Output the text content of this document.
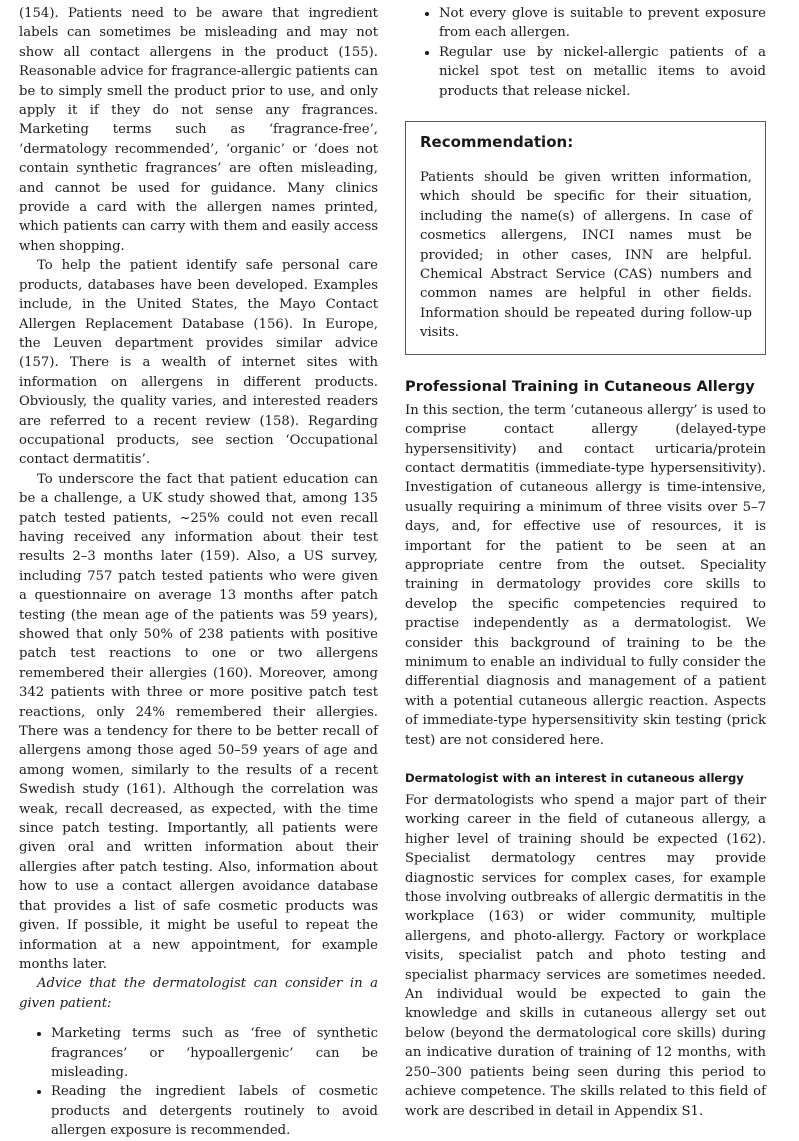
(154). Patients need to be aware that ingredient labels can sometimes be misleading and may not show all contact allergens in the product (155). Reasonable advice for fragrance-allergic patients can be to simply smell the product prior to use, and only apply it if they do not sense any fragrances. Marketing terms such as ‘fragrance-free’, ‘dermatology recommended’, ‘organic’ or ‘does not contain synthetic fragrances’ are often misleading, and cannot be used for guidance. Many clinics provide a card with the allergen names printed, which patients can carry with them and easily access when shopping.

To help the patient identify safe personal care products, databases have been developed. Examples include, in the United States, the Mayo Contact Allergen Replacement Database (156). In Europe, the Leuven department provides similar advice (157). There is a wealth of internet sites with information on allergens in different products. Obviously, the quality varies, and interested readers are referred to a recent review (158). Regarding occupational products, see section ‘Occupational contact dermatitis’.

To underscore the fact that patient education can be a challenge, a UK study showed that, among 135 patch tested patients, ~25% could not even recall having received any information about their test results 2–3 months later (159). Also, a US survey, including 757 patch tested patients who were given a questionnaire on average 13 months after patch testing (the mean age of the patients was 59 years), showed that only 50% of 238 patients with positive patch test reactions to one or two allergens remembered their allergies (160). Moreover, among 342 patients with three or more positive patch test reactions, only 24% remembered their allergies. There was a tendency for there to be better recall of allergens among those aged 50–59 years of age and among women, similarly to the results of a recent Swedish study (161). Although the correlation was weak, recall decreased, as expected, with the time since patch testing. Importantly, all patients were given oral and written information about their allergies after patch testing. Also, information about how to use a contact allergen avoidance database that provides a list of safe cosmetic products was given. If possible, it might be useful to repeat the information at a new appointment, for example months later.

Advice that the dermatologist can consider in a given patient:

• Marketing terms such as ‘free of synthetic fragrances’ or ‘hypoallergenic’ can be misleading.
• Reading the ingredient labels of cosmetic products and detergents routinely to avoid allergen exposure is recommended.
• Not every glove is suitable to prevent exposure from each allergen.
• Regular use by nickel-allergic patients of a nickel spot test on metallic items to avoid products that release nickel.
Recommendation:

Patients should be given written information, which should be specific for their situation, including the name(s) of allergens. In case of cosmetics allergens, INCI names must be provided; in other cases, INN are helpful. Chemical Abstract Service (CAS) numbers and common names are helpful in other fields. Information should be repeated during follow-up visits.

Professional Training in Cutaneous Allergy

In this section, the term ‘cutaneous allergy’ is used to comprise contact allergy (delayed-type hypersensitivity) and contact urticaria/protein contact dermatitis (immediate-type hypersensitivity). Investigation of cutaneous allergy is time-intensive, usually requiring a minimum of three visits over 5–7 days, and, for effective use of resources, it is important for the patient to be seen at an appropriate centre from the outset. Speciality training in dermatology provides core skills to develop the specific competencies required to practise independently as a dermatologist. We consider this background of training to be the minimum to enable an individual to fully consider the differential diagnosis and management of a patient with a potential cutaneous allergic reaction. Aspects of immediate-type hypersensitivity skin testing (prick test) are not considered here.

Dermatologist with an interest in cutaneous allergy

For dermatologists who spend a major part of their working career in the field of cutaneous allergy, a higher level of training should be expected (162). Specialist dermatology centres may provide diagnostic services for complex cases, for example those involving outbreaks of allergic dermatitis in the workplace (163) or wider community, multiple allergens, and photo-allergy. Factory or workplace visits, specialist patch and photo testing and specialist pharmacy services are sometimes needed. An individual would be expected to gain the knowledge and skills in cutaneous allergy set out below (beyond the dermatological core skills) during an indicative duration of training of 12 months, with 250–300 patients being seen during this period to achieve competence. The skills related to this field of work are described in detail in Appendix S1.
